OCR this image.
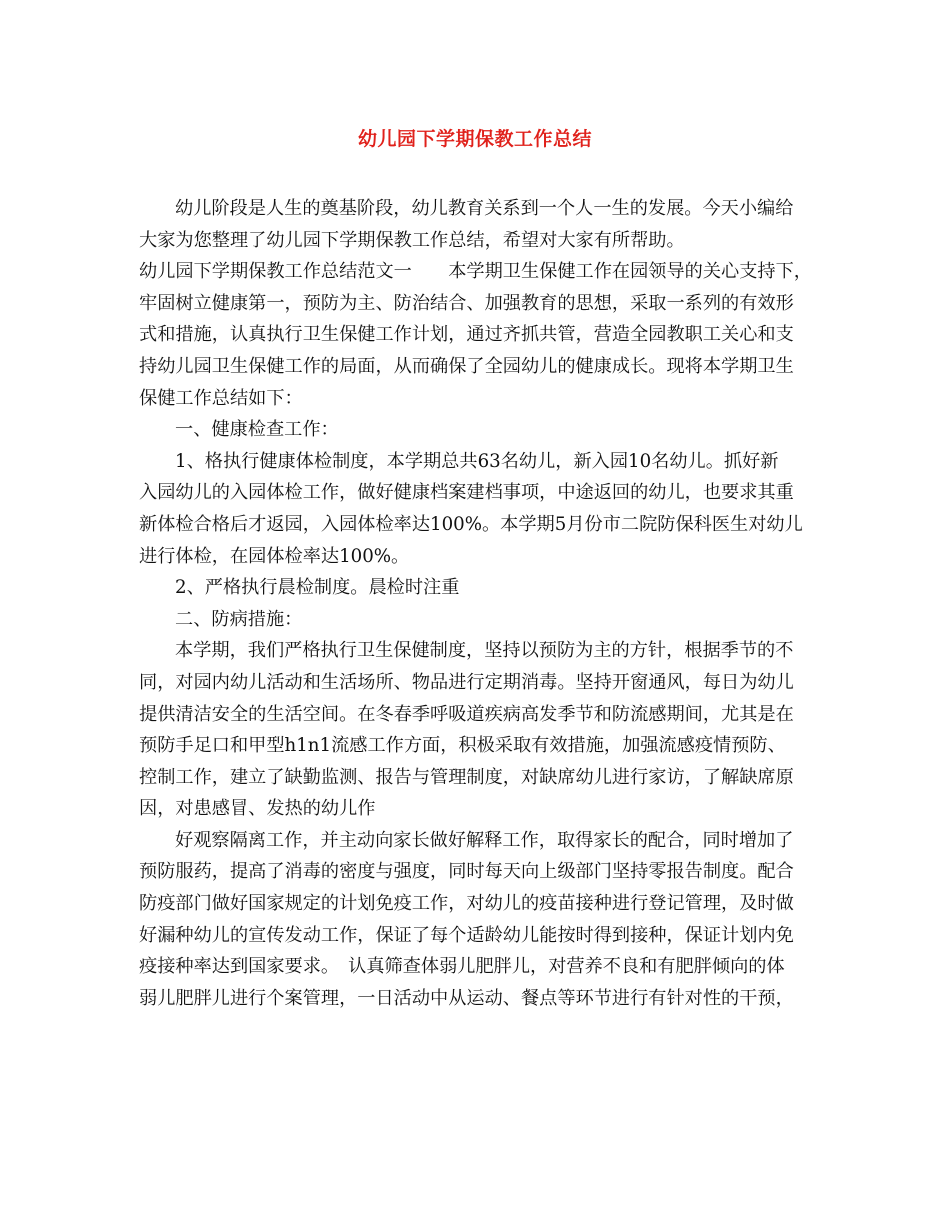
幼儿园下学期保教工作总结

幼儿阶段是人生的奠基阶段，幼儿教育关系到一个人一生的发展。今天小编给

大家为您整理了幼儿园下学期保教工作总结，希望对大家有所帮助。

幼儿园下学期保教工作总结范文一　　本学期卫生保健工作在园领导的关心支持下，

牢固树立健康第一，预防为主、防治结合、加强教育的思想，采取一系列的有效形

式和措施，认真执行卫生保健工作计划，通过齐抓共管，营造全园教职工关心和支

持幼儿园卫生保健工作的局面，从而确保了全园幼儿的健康成长。现将本学期卫生

保健工作总结如下：

一、健康检查工作：

1、格执行健康体检制度，本学期总共63名幼儿，新入园10名幼儿。抓好新

入园幼儿的入园体检工作，做好健康档案建档事项，中途返回的幼儿，也要求其重

新体检合格后才返园，入园体检率达100%。本学期5月份市二院防保科医生对幼儿

进行体检，在园体检率达100%。

2、严格执行晨检制度。晨检时注重

二、防病措施：

本学期，我们严格执行卫生保健制度，坚持以预防为主的方针，根据季节的不

同，对园内幼儿活动和生活场所、物品进行定期消毒。坚持开窗通风，每日为幼儿

提供清洁安全的生活空间。在冬春季呼吸道疾病高发季节和防流感期间，尤其是在

预防手足口和甲型h1n1流感工作方面，积极采取有效措施，加强流感疫情预防、

控制工作，建立了缺勤监测、报告与管理制度，对缺席幼儿进行家访，了解缺席原

因，对患感冒、发热的幼儿作

好观察隔离工作，并主动向家长做好解释工作，取得家长的配合，同时增加了

预防服药，提高了消毒的密度与强度，同时每天向上级部门坚持零报告制度。配合

防疫部门做好国家规定的计划免疫工作，对幼儿的疫苗接种进行登记管理，及时做

好漏种幼儿的宣传发动工作，保证了每个适龄幼儿能按时得到接种，保证计划内免

疫接种率达到国家要求。　认真筛查体弱儿肥胖儿，对营养不良和有肥胖倾向的体

弱儿肥胖儿进行个案管理，一日活动中从运动、餐点等环节进行有针对性的干预，
